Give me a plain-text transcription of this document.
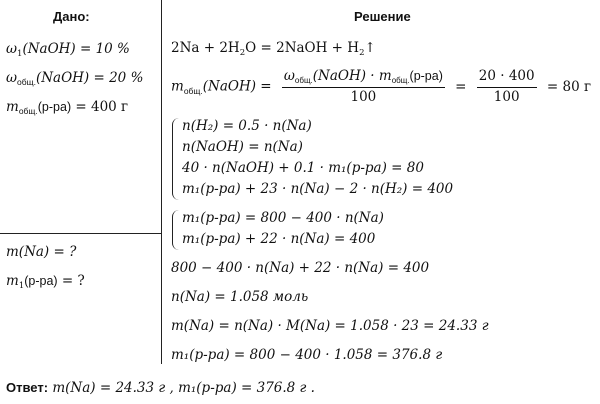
Дано:	Решение
$\omega_1(NaOH) = 10$ %
$\omega_{общ.}(NaOH) = 20$ %
$m_{общ.}(р-ра) = 400$ г
m(Na) = ?
$m_1(р-ра)$ = ?
$2Na + 2H_2O$ = 2NaOH + $H_2↑$
$m_{общ.}(NaOH) = \frac{\omega_{общ.}(NaOH) \cdot m_{общ.}(р-ра)}{100} = \frac{20 \cdot 400}{100} = 80$ г
n(H₂) = 0.5 · n(Na)
n(NaOH) = n(Na)
40 · n(NaOH) + 0.1 · m₁(р-ра) = 80
m₁(р-ра) + 23 · n(Na) − 2 · n(H₂) = 400
m₁(р-ра) = 800 − 400 · n(Na)
m₁(р-ра) + 22 · n(Na) = 400
800 − 400 · n(Na) + 22 · n(Na) = 400
n(Na) = 1.058 моль
m(Na) = n(Na) · M(Na) = 1.058 · 23 = 24.33 г
m₁(р-ра) = 800 − 400 · 1.058 = 376.8 г
Ответ: m(Na) = 24.33 г , m₁(р-ра) = 376.8 г .
